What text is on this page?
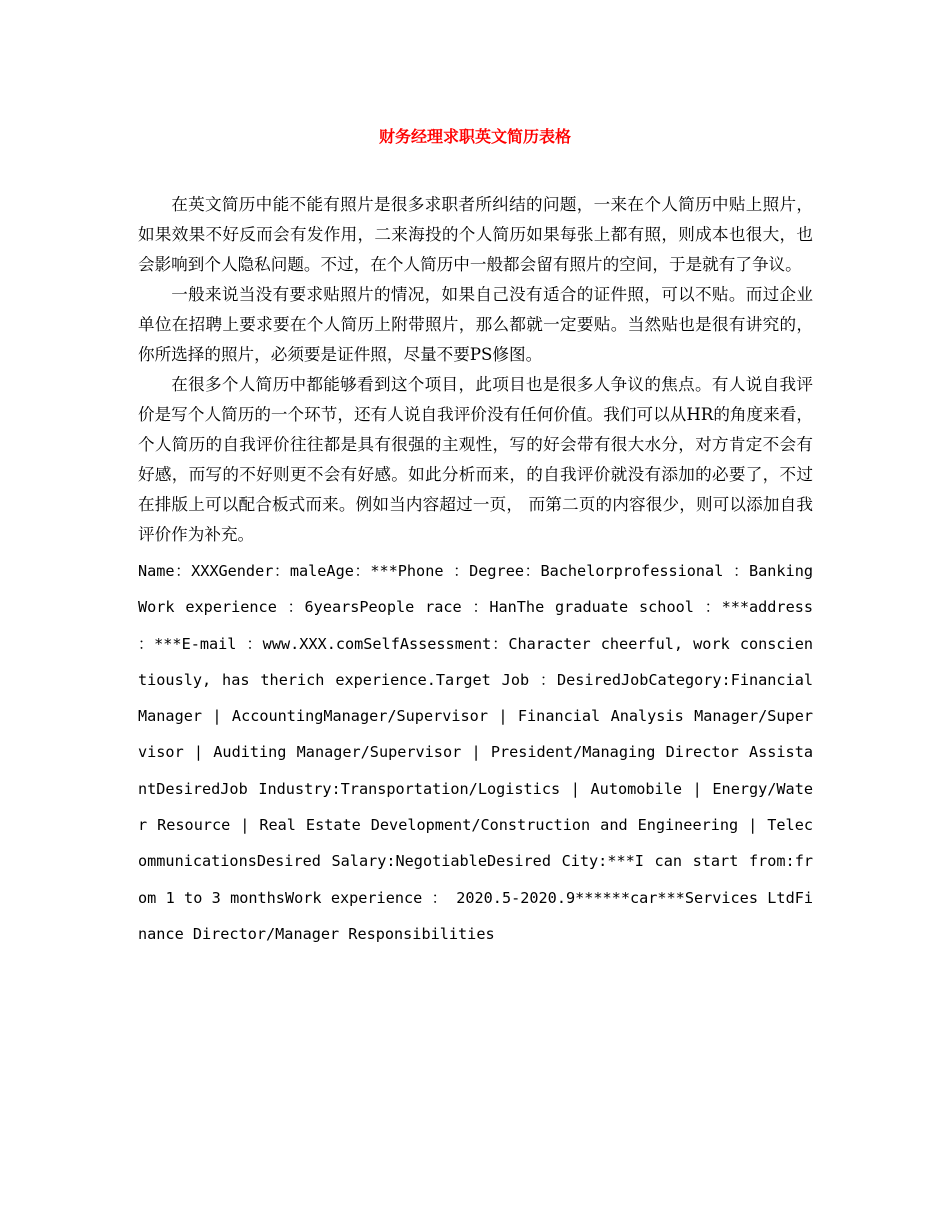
财务经理求职英文简历表格

在英文简历中能不能有照片是很多求职者所纠结的问题，一来在个人简历中贴上照片，如果效果不好反而会有发作用，二来海投的个人简历如果每张上都有照，则成本也很大，也会影响到个人隐私问题。不过，在个人简历中一般都会留有照片的空间，于是就有了争议。

一般来说当没有要求贴照片的情况，如果自己没有适合的证件照，可以不贴。而过企业单位在招聘上要求要在个人简历上附带照片，那么都就一定要贴。当然贴也是很有讲究的， 你所选择的照片，必须要是证件照，尽量不要PS修图。

在很多个人简历中都能够看到这个项目，此项目也是很多人争议的焦点。有人说自我评价是写个人简历的一个环节，还有人说自我评价没有任何价值。我们可以从HR的角度来看，个人简历的自我评价往往都是具有很强的主观性，写的好会带有很大水分，对方肯定不会有好感，而写的不好则更不会有好感。如此分析而来，的自我评价就没有添加的必要了，不过在排版上可以配合板式而来。例如当内容超过一页， 而第二页的内容很少，则可以添加自我评价作为补充。

Name：XXXGender：maleAge：***Phone ：Degree：Bachelorprofessional ：BankingWork experience ：6yearsPeople race ：HanThe graduate school ：***address ：***E-mail ：www.XXX.comSelfAssessment：Character cheerful, work conscientiously, has therich experience.Target Job ：DesiredJobCategory:Financial Manager | AccountingManager/Supervisor | Financial Analysis Manager/Supervisor | Auditing Manager/Supervisor | President/Managing Director AssistantDesiredJob Industry:Transportation/Logistics | Automobile | Energy/Water Resource | Real Estate Development/Construction and Engineering | TelecommunicationsDesired Salary:NegotiableDesired City:***I can start from:from 1 to 3 monthsWork experience ： 2020.5-2020.9******car***Services LtdFinance Director/Manager Responsibilities
